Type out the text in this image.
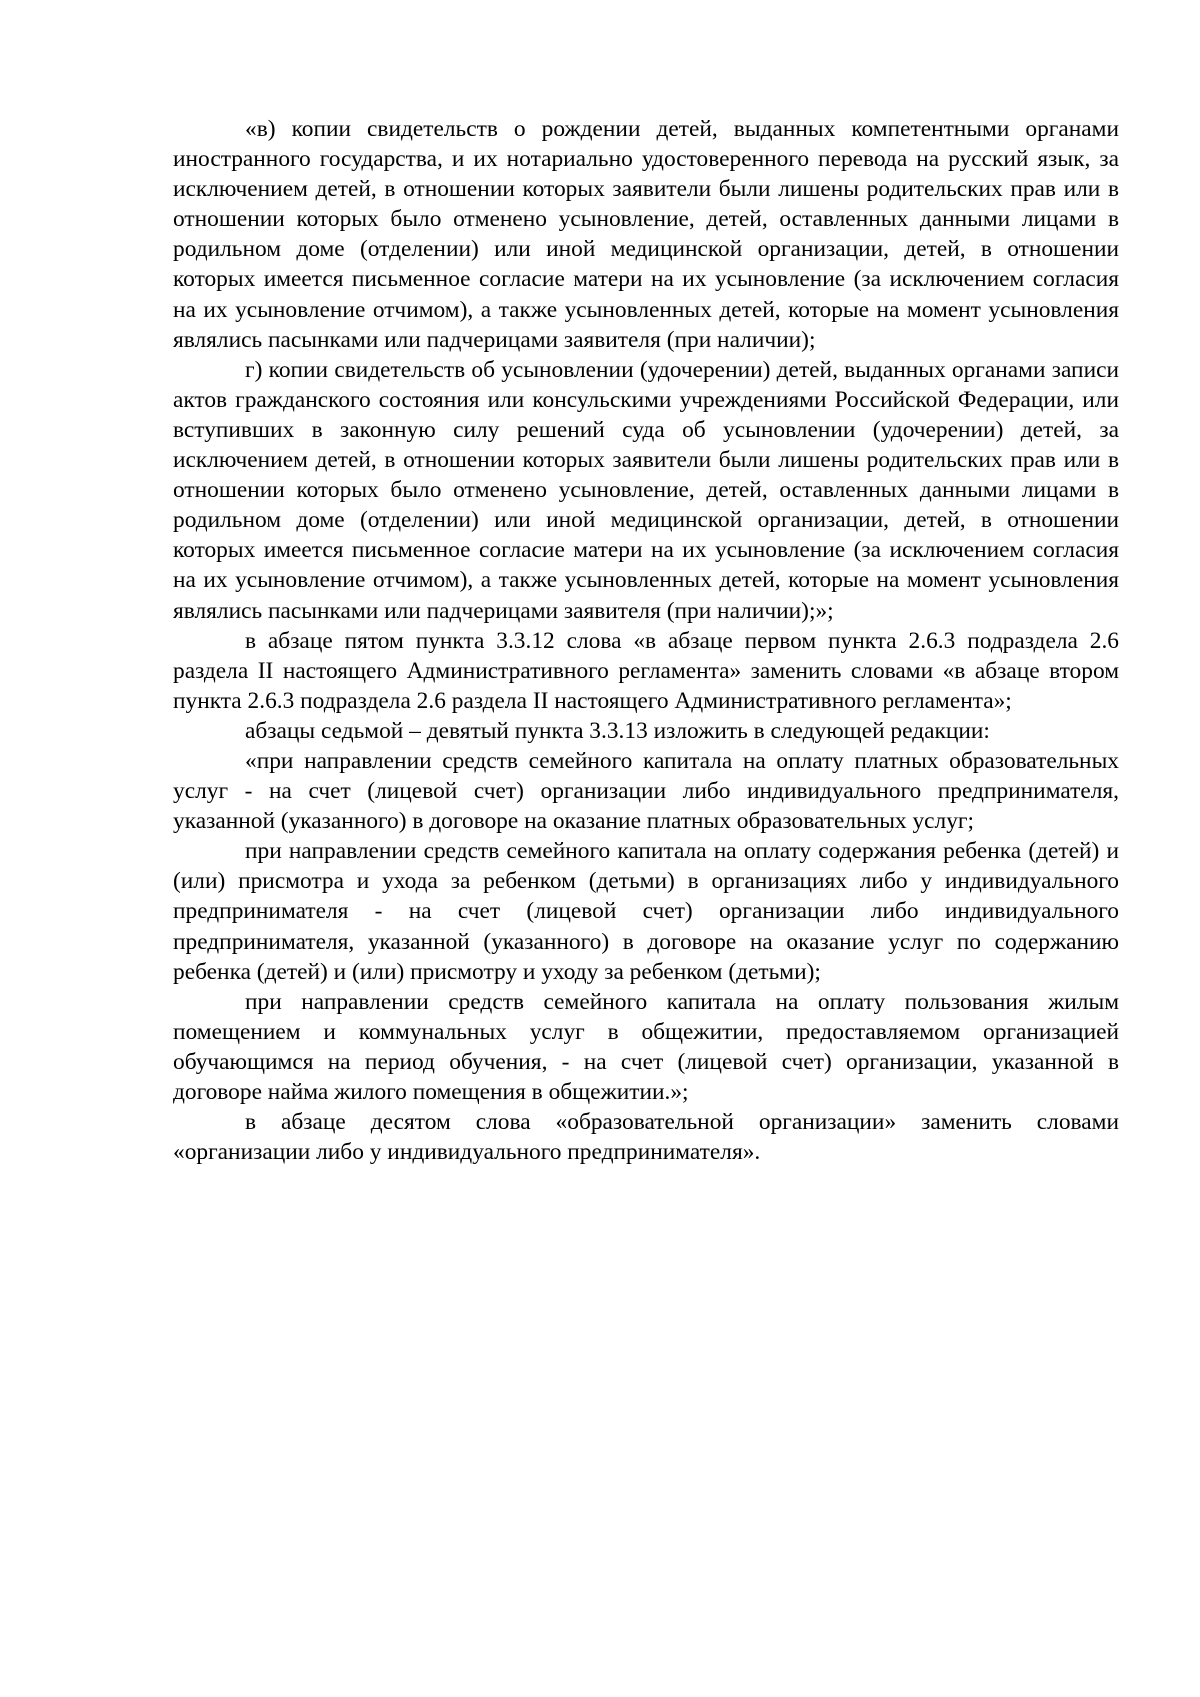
«в) копии свидетельств о рождении детей, выданных компетентными органами иностранного государства, и их нотариально удостоверенного перевода на русский язык, за исключением детей, в отношении которых заявители были лишены родительских прав или в отношении которых было отменено усыновление, детей, оставленных данными лицами в родильном доме (отделении) или иной медицинской организации, детей, в отношении которых имеется письменное согласие матери на их усыновление (за исключением согласия на их усыновление отчимом), а также усыновленных детей, которые на момент усыновления являлись пасынками или падчерицами заявителя (при наличии);

г) копии свидетельств об усыновлении (удочерении) детей, выданных органами записи актов гражданского состояния или консульскими учреждениями Российской Федерации, или вступивших в законную силу решений суда об усыновлении (удочерении) детей, за исключением детей, в отношении которых заявители были лишены родительских прав или в отношении которых было отменено усыновление, детей, оставленных данными лицами в родильном доме (отделении) или иной медицинской организации, детей, в отношении которых имеется письменное согласие матери на их усыновление (за исключением согласия на их усыновление отчимом), а также усыновленных детей, которые на момент усыновления являлись пасынками или падчерицами заявителя (при наличии);»;

в абзаце пятом пункта 3.3.12 слова «в абзаце первом пункта 2.6.3 подраздела 2.6 раздела II настоящего Административного регламента» заменить словами «в абзаце втором пункта 2.6.3 подраздела 2.6 раздела II настоящего Административного регламента»;

абзацы седьмой – девятый пункта 3.3.13 изложить в следующей редакции:

«при направлении средств семейного капитала на оплату платных образовательных услуг - на счет (лицевой счет) организации либо индивидуального предпринимателя, указанной (указанного) в договоре на оказание платных образовательных услуг;

при направлении средств семейного капитала на оплату содержания ребенка (детей) и (или) присмотра и ухода за ребенком (детьми) в организациях либо у индивидуального предпринимателя - на счет (лицевой счет) организации либо индивидуального предпринимателя, указанной (указанного) в договоре на оказание услуг по содержанию ребенка (детей) и (или) присмотру и уходу за ребенком (детьми);

при направлении средств семейного капитала на оплату пользования жилым помещением и коммунальных услуг в общежитии, предоставляемом организацией обучающимся на период обучения, - на счет (лицевой счет) организации, указанной в договоре найма жилого помещения в общежитии.»;

в абзаце десятом слова «образовательной организации» заменить словами «организации либо у индивидуального предпринимателя».
